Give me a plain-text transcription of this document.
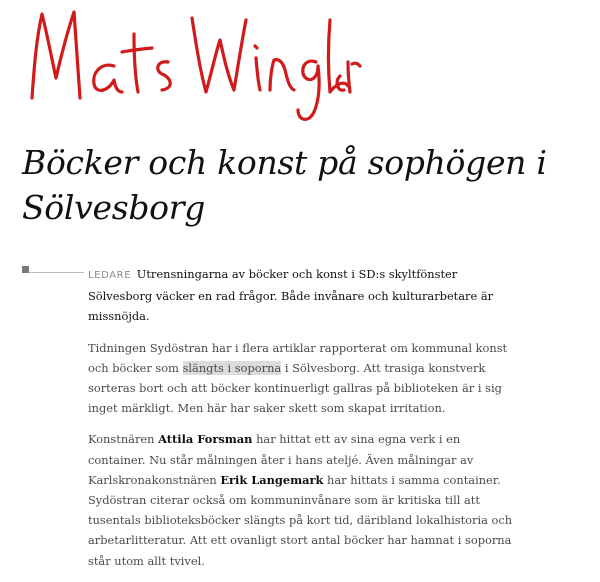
Böcker och konst på sophögen i Sölvesborg

LEDARE Utrensningarna av böcker och konst i SD:s skyltfönster Sölvesborg väcker en rad frågor. Både invånare och kulturarbetare är missnöjda.

Tidningen Sydöstran har i flera artiklar rapporterat om kommunal konst och böcker som slängts i soporna i Sölvesborg. Att trasiga konstverk sorteras bort och att böcker kontinuerligt gallras på biblioteken är i sig inget märkligt. Men här har saker skett som skapat irritation.

Konstnären Attila Forsman har hittat ett av sina egna verk i en container. Nu står målningen åter i hans ateljé. Även målningar av Karlskronakonstnären Erik Langemark har hittats i samma container. Sydöstran citerar också om kommuninvånare som är kritiska till att tusentals biblioteksböcker slängts på kort tid, däribland lokalhistoria och arbetarlitteratur. Att ett ovanligt stort antal böcker har hamnat i soporna står utom allt tvivel.
